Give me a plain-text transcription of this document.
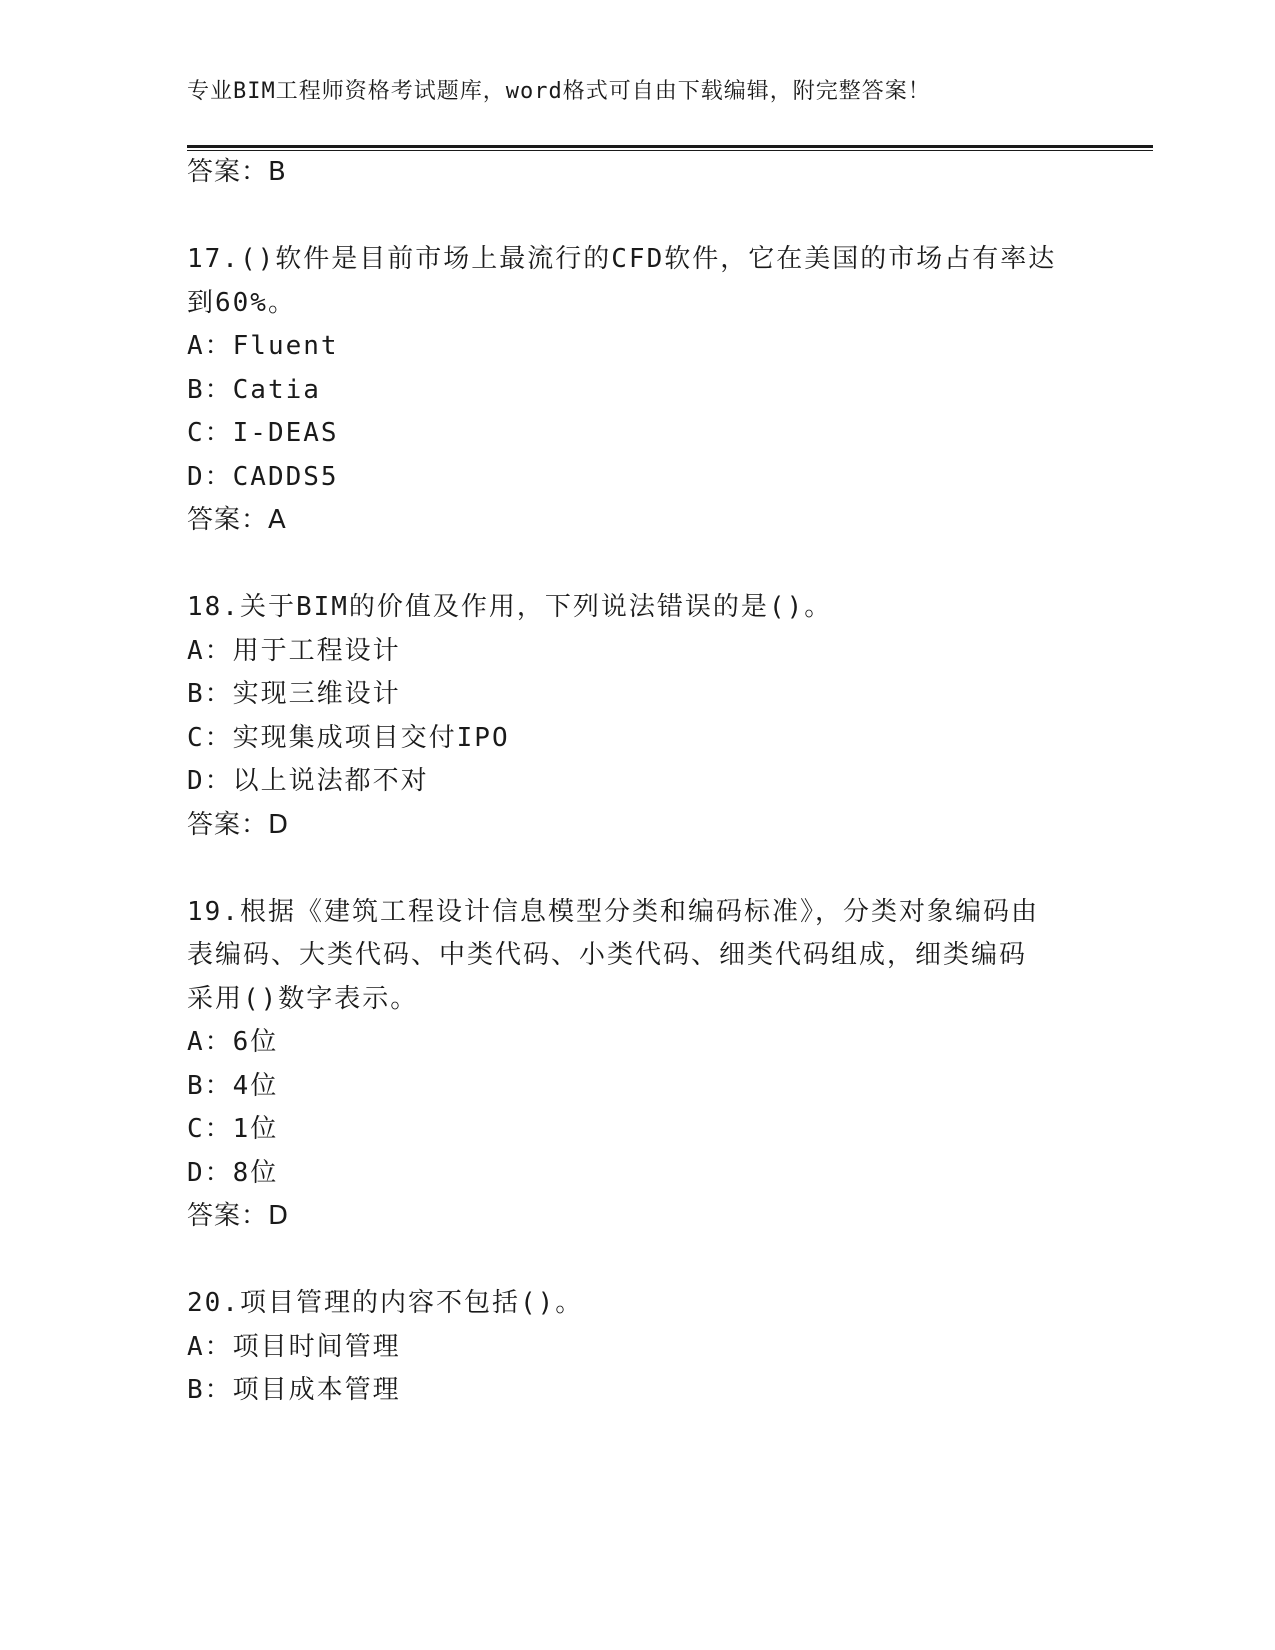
专业BIM工程师资格考试题库，word格式可自由下载编辑，附完整答案！
答案：B
17.()软件是目前市场上最流行的CFD软件，它在美国的市场占有率达
到60%。
A：Fluent
B：Catia
C：I-DEAS
D：CADDS5
答案：A
18.关于BIM的价值及作用，下列说法错误的是()。
A：用于工程设计
B：实现三维设计
C：实现集成项目交付IPO
D：以上说法都不对
答案：D
19.根据《建筑工程设计信息模型分类和编码标准》，分类对象编码由
表编码、大类代码、中类代码、小类代码、细类代码组成，细类编码
采用()数字表示。
A：6位
B：4位
C：1位
D：8位
答案：D
20.项目管理的内容不包括()。
A：项目时间管理
B：项目成本管理
